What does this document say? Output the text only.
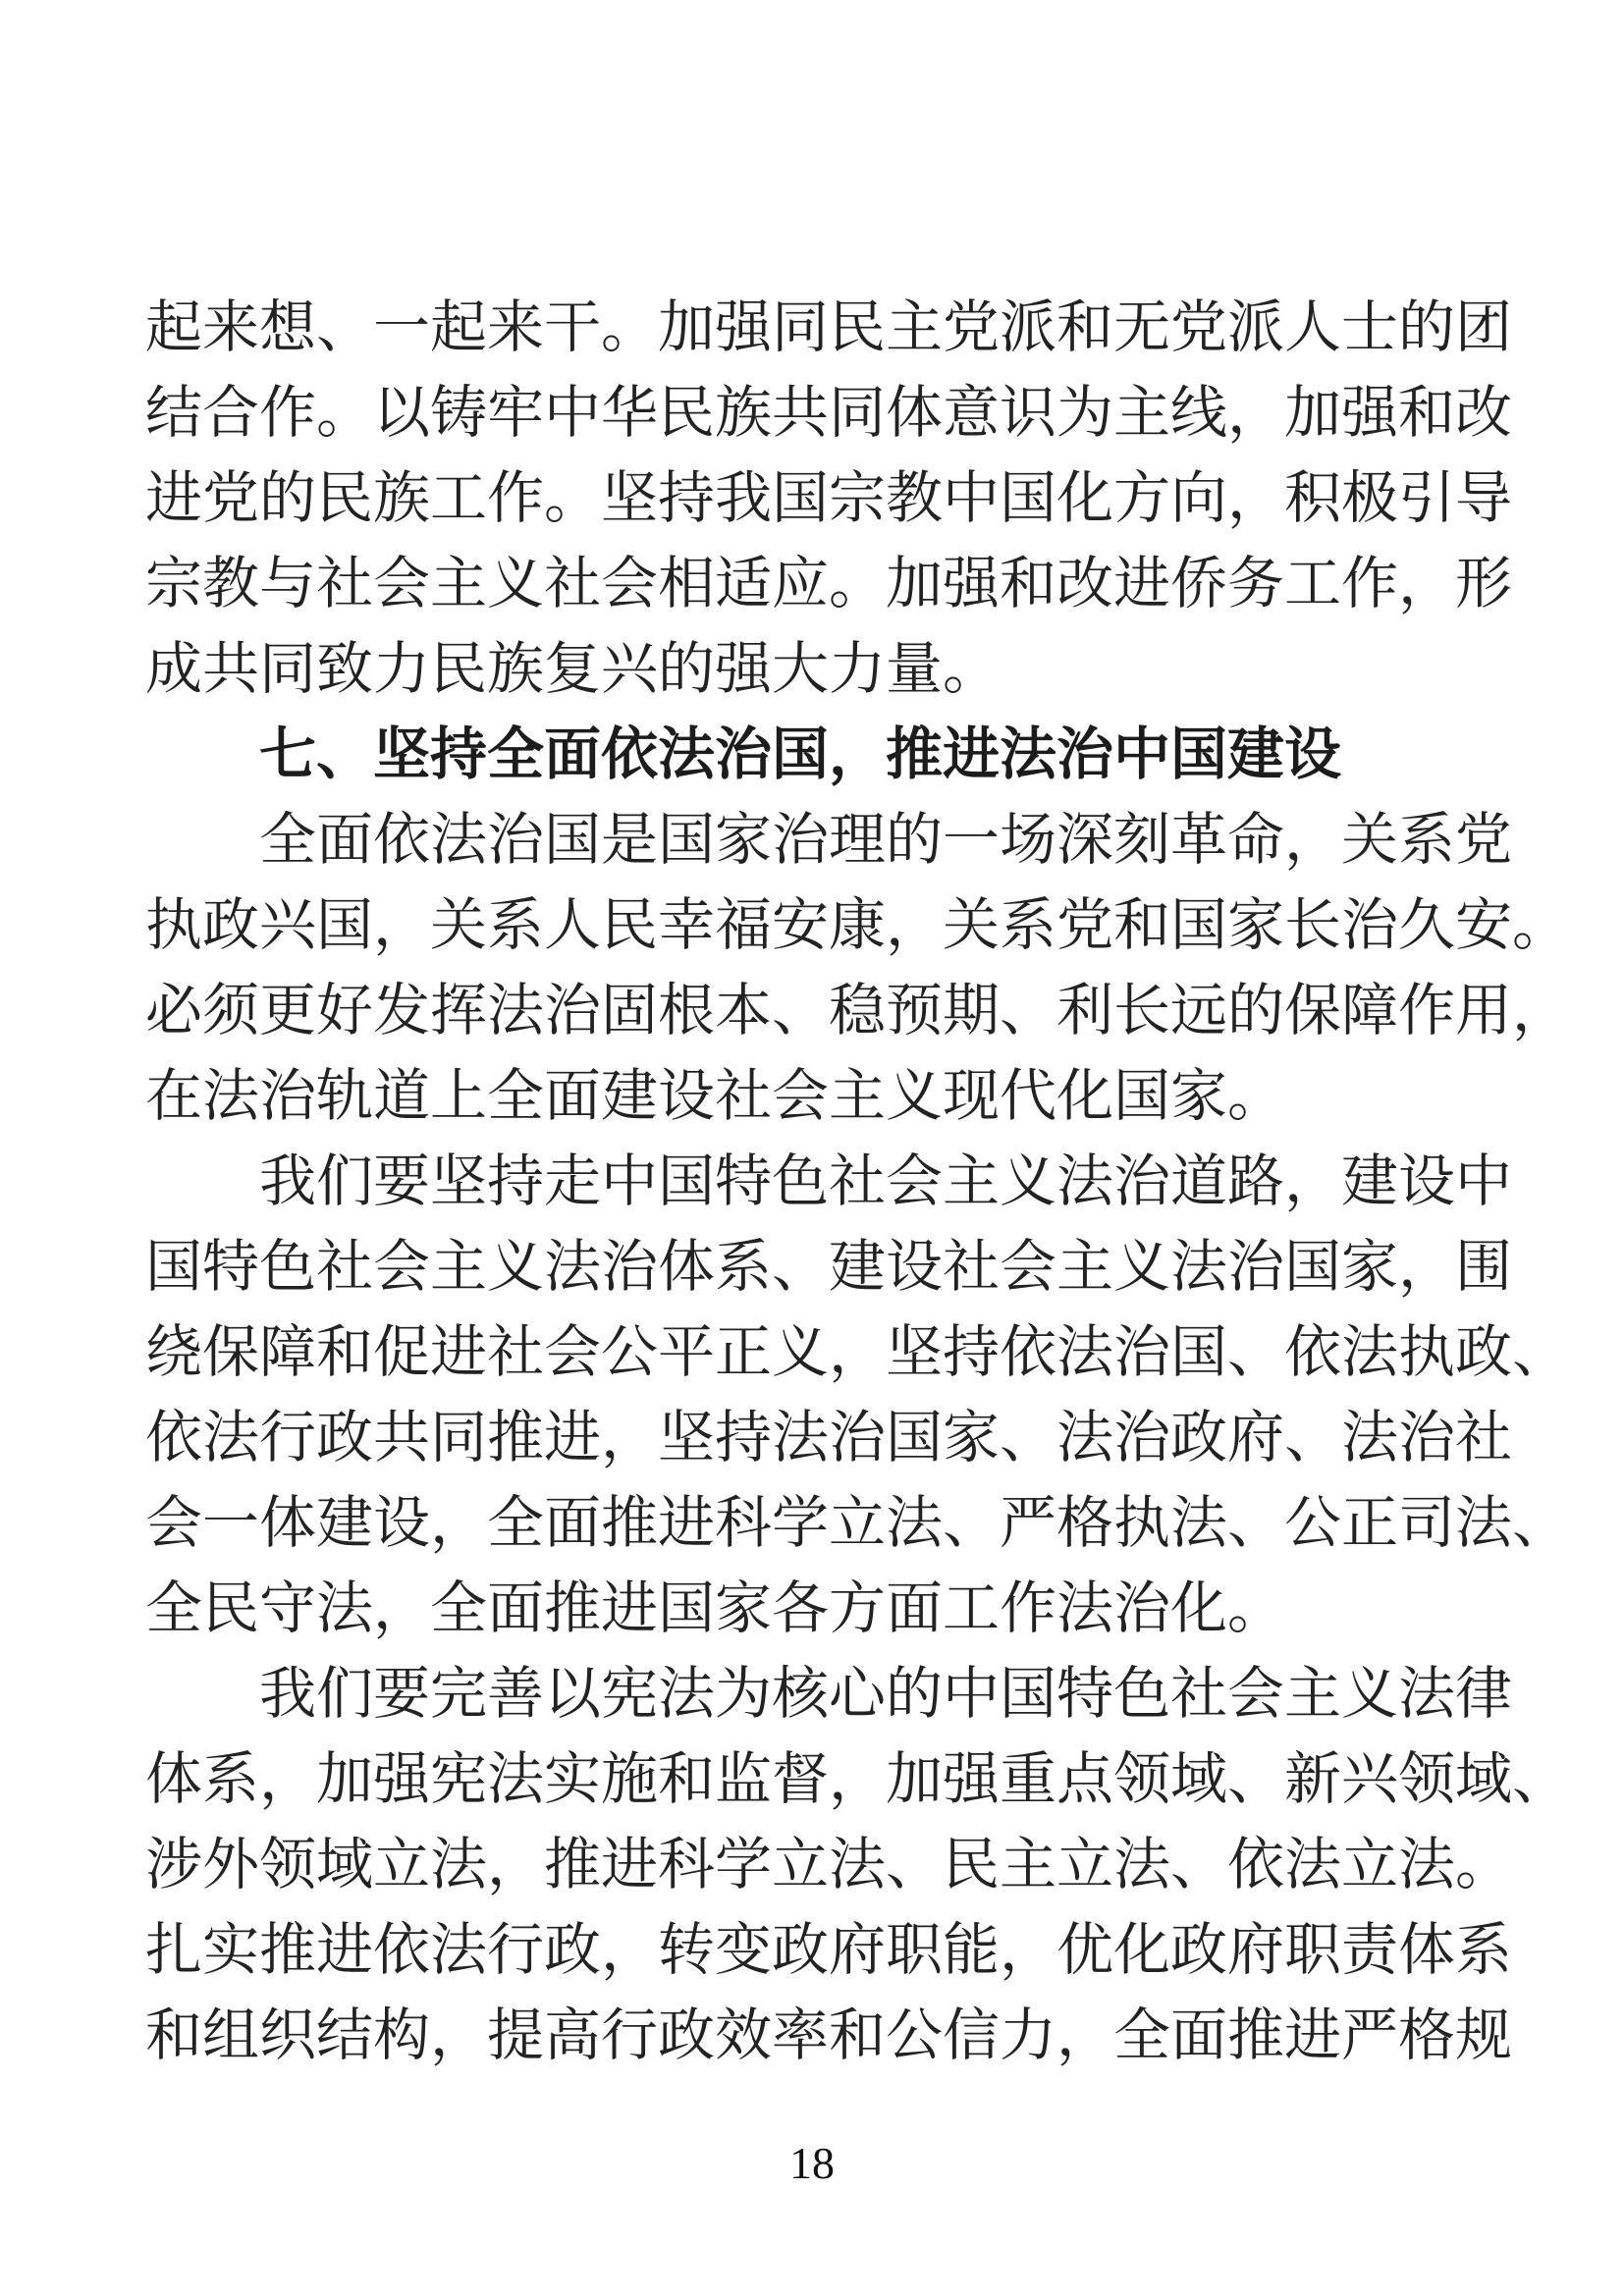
起来想、一起来干。加强同民主党派和无党派人士的团
结合作。以铸牢中华民族共同体意识为主线，加强和改
进党的民族工作。坚持我国宗教中国化方向，积极引导
宗教与社会主义社会相适应。加强和改进侨务工作，形
成共同致力民族复兴的强大力量。
七、坚持全面依法治国，推进法治中国建设
全面依法治国是国家治理的一场深刻革命，关系党
执政兴国，关系人民幸福安康，关系党和国家长治久安。
必须更好发挥法治固根本、稳预期、利长远的保障作用，
在法治轨道上全面建设社会主义现代化国家。
我们要坚持走中国特色社会主义法治道路，建设中
国特色社会主义法治体系、建设社会主义法治国家，围
绕保障和促进社会公平正义，坚持依法治国、依法执政、
依法行政共同推进，坚持法治国家、法治政府、法治社
会一体建设，全面推进科学立法、严格执法、公正司法、
全民守法，全面推进国家各方面工作法治化。
我们要完善以宪法为核心的中国特色社会主义法律
体系，加强宪法实施和监督，加强重点领域、新兴领域、
涉外领域立法，推进科学立法、民主立法、依法立法。
扎实推进依法行政，转变政府职能，优化政府职责体系
和组织结构，提高行政效率和公信力，全面推进严格规
18
